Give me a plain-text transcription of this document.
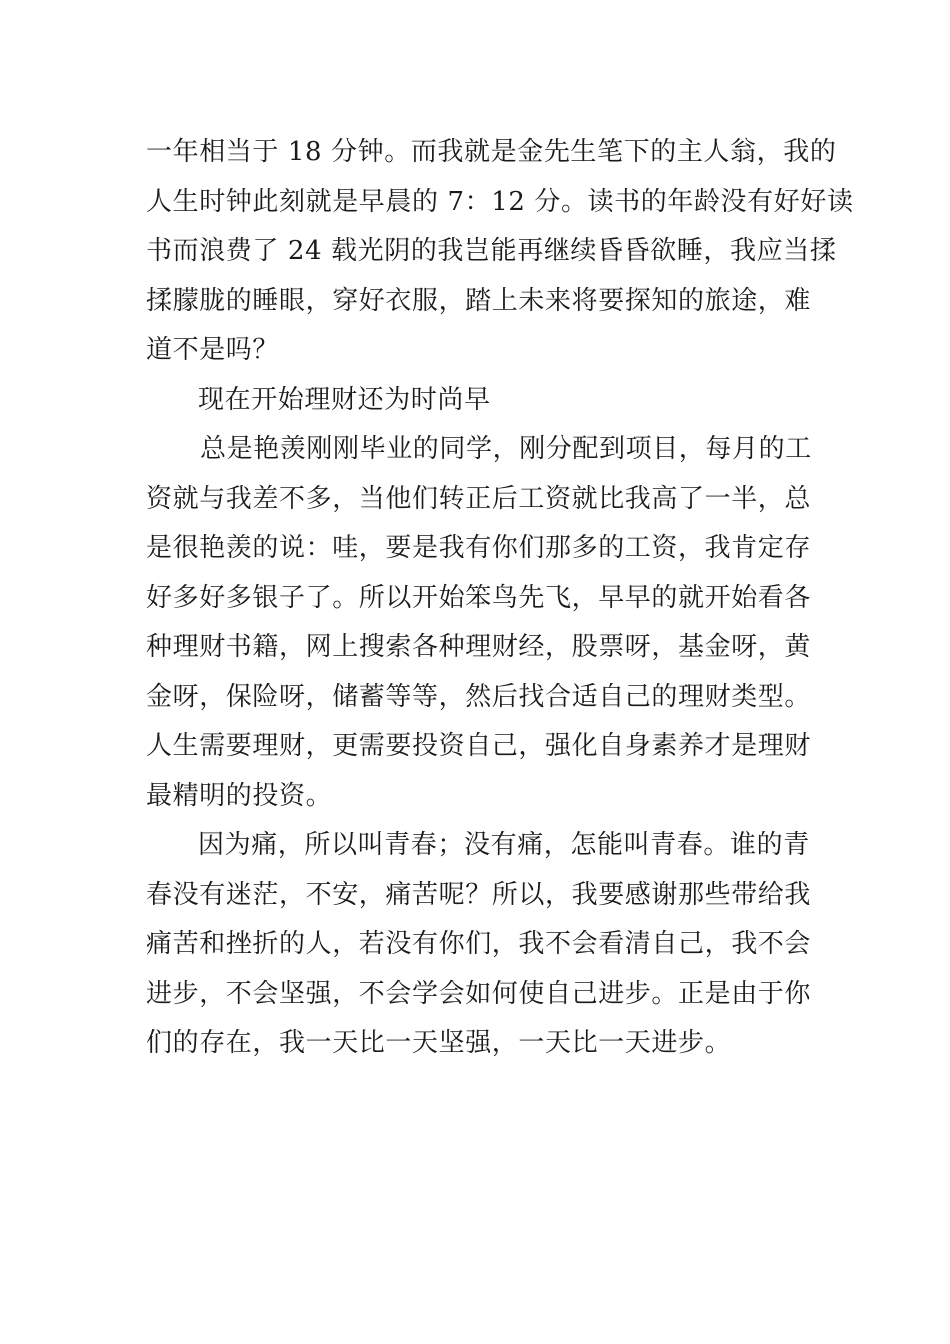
一年相当于 18 分钟。而我就是金先生笔下的主人翁，我的
人生时钟此刻就是早晨的 7：12 分。读书的年龄没有好好读
书而浪费了 24 载光阴的我岂能再继续昏昏欲睡，我应当揉
揉朦胧的睡眼，穿好衣服，踏上未来将要探知的旅途，难
道不是吗？
现在开始理财还为时尚早
总是艳羡刚刚毕业的同学，刚分配到项目，每月的工
资就与我差不多，当他们转正后工资就比我高了一半，总
是很艳羡的说：哇，要是我有你们那多的工资，我肯定存
好多好多银子了。所以开始笨鸟先飞，早早的就开始看各
种理财书籍，网上搜索各种理财经，股票呀，基金呀，黄
金呀，保险呀，储蓄等等，然后找合适自己的理财类型。
人生需要理财，更需要投资自己，强化自身素养才是理财
最精明的投资。
因为痛，所以叫青春；没有痛，怎能叫青春。谁的青
春没有迷茫，不安，痛苦呢？所以，我要感谢那些带给我
痛苦和挫折的人，若没有你们，我不会看清自己，我不会
进步，不会坚强，不会学会如何使自己进步。正是由于你
们的存在，我一天比一天坚强，一天比一天进步。
